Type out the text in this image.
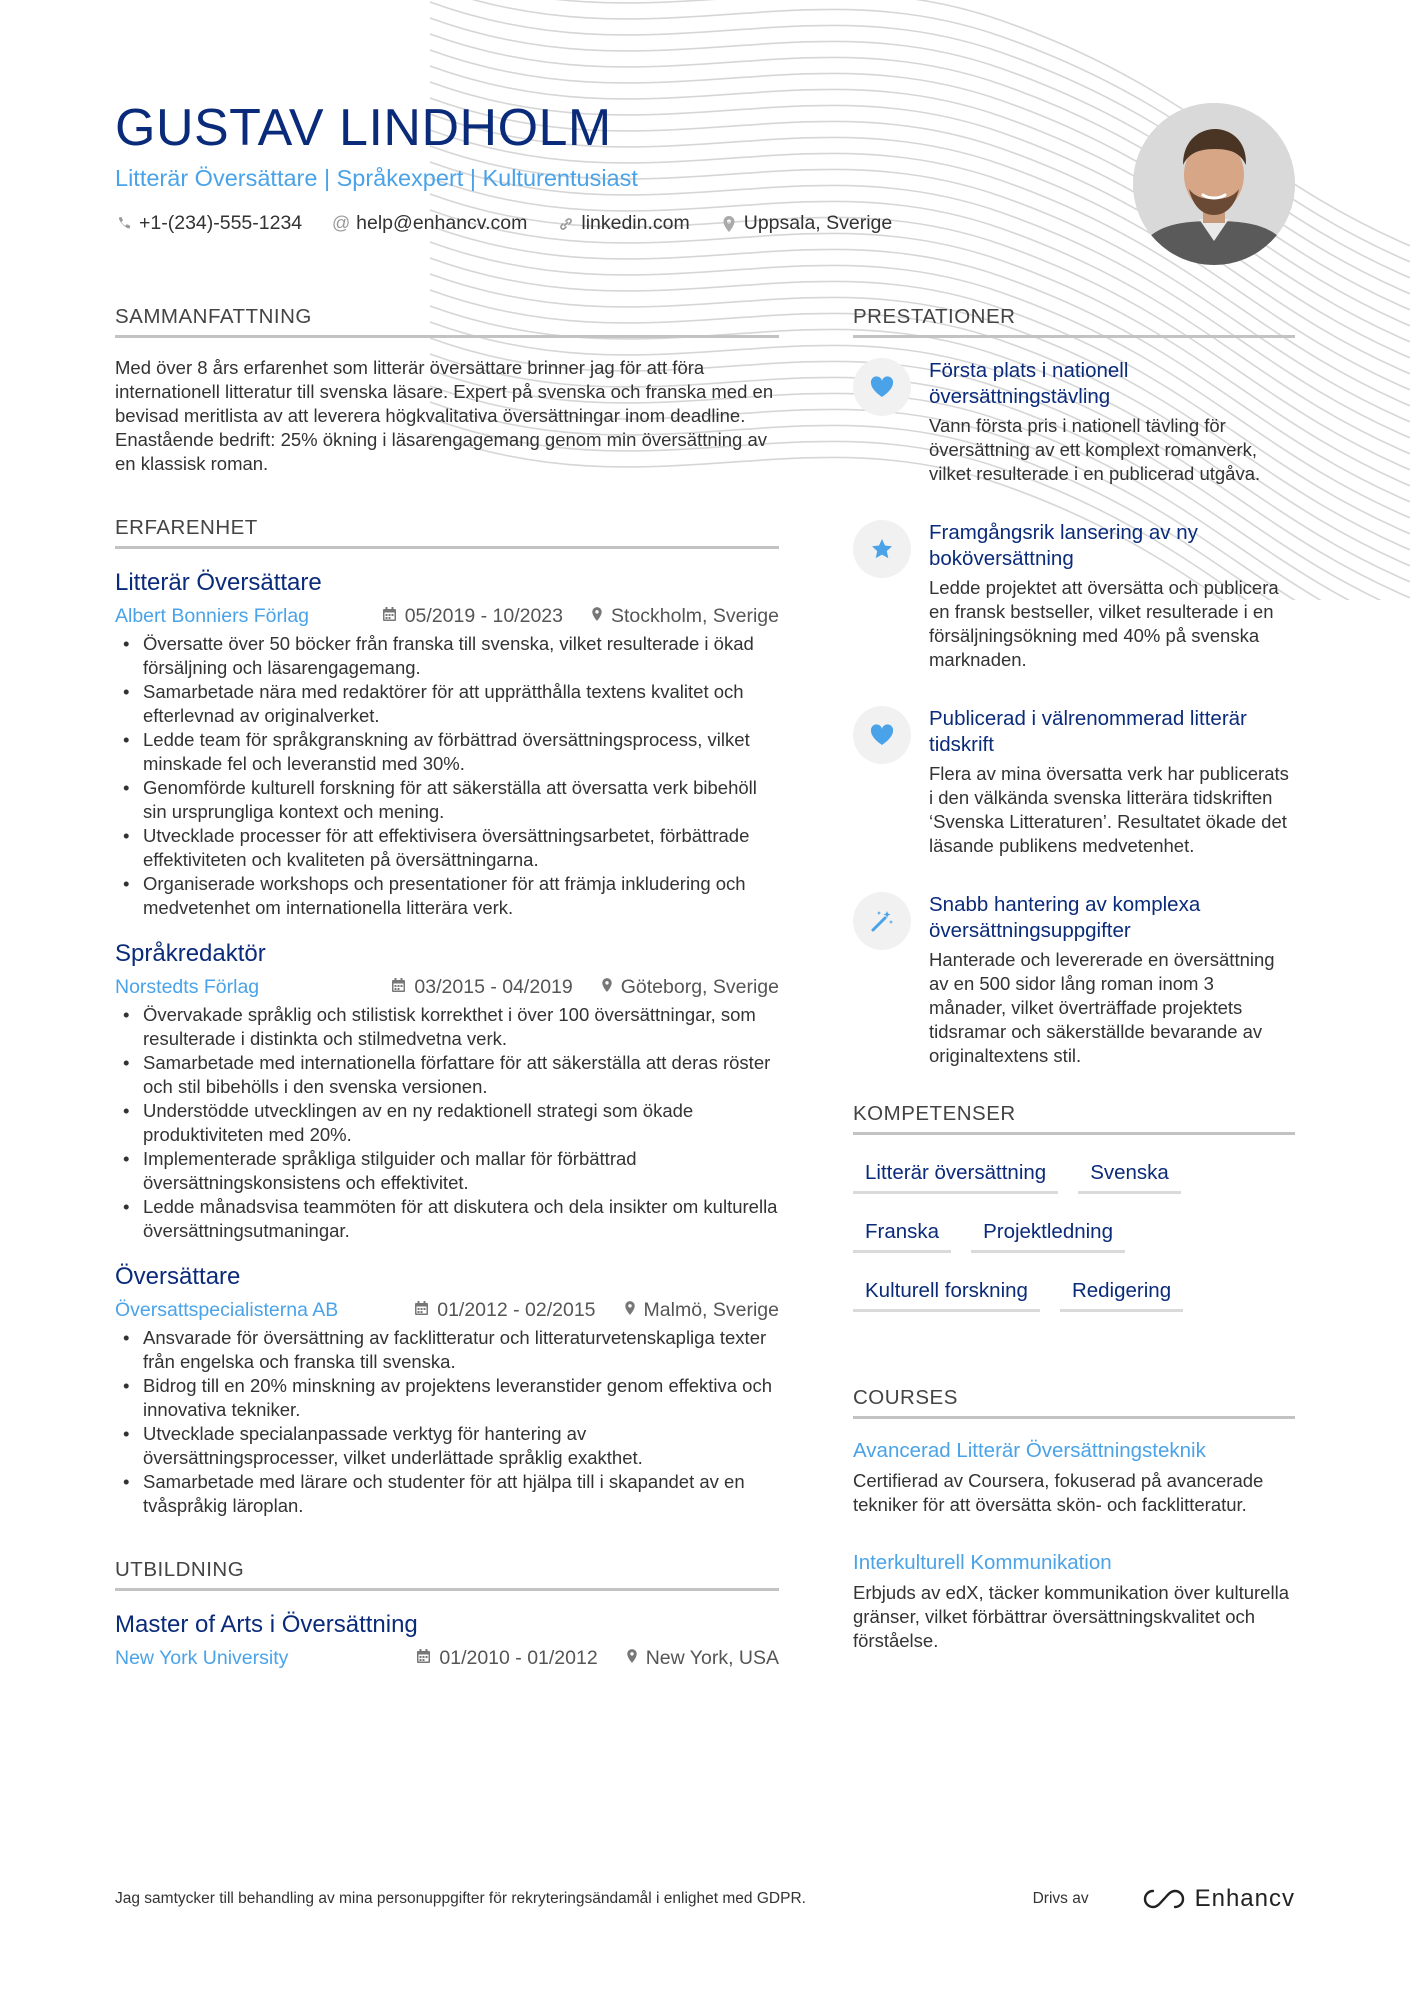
GUSTAV LINDHOLM
Litterär Översättare | Språkexpert | Kulturentusiast
+1-(234)-555-1234 @ help@enhancv.com	linkedin.com	Uppsala, Sverige
SAMMANFATTNING

Med över 8 års erfarenhet som litterär översättare brinner jag för att föra internationell litteratur till svenska läsare. Expert på svenska och franska med en bevisad meritlista av att leverera högkvalitativa översättningar inom deadline. Enastående bedrift: 25% ökning i läsarengagemang genom min översättning av en klassisk roman.

ERFARENHET
Litterär Översättare
Albert Bonniers Förlag	05/2019 - 10/2023 Stockholm, Sverige
• Översatte över 50 böcker från franska till svenska, vilket resulterade i ökad försäljning och läsarengagemang.
• Samarbetade nära med redaktörer för att upprätthålla textens kvalitet och efterlevnad av originalverket.
• Ledde team för språkgranskning av förbättrad översättningsprocess, vilket minskade fel och leveranstid med 30%.
• Genomförde kulturell forskning för att säkerställa att översatta verk bibehöll sin ursprungliga kontext och mening.
• Utvecklade processer för att effektivisera översättningsarbetet, förbättrade effektiviteten och kvaliteten på översättningarna.
• Organiserade workshops och presentationer för att främja inkludering och medvetenhet om internationella litterära verk.
Språkredaktör
Norstedts Förlag	03/2015 - 04/2019 Göteborg, Sverige
• Övervakade språklig och stilistisk korrekthet i över 100 översättningar, som resulterade i distinkta och stilmedvetna verk.
• Samarbetade med internationella författare för att säkerställa att deras röster och stil bibehölls i den svenska versionen.
• Understödde utvecklingen av en ny redaktionell strategi som ökade produktiviteten med 20%.
• Implementerade språkliga stilguider och mallar för förbättrad översättningskonsistens och effektivitet.
• Ledde månadsvisa teammöten för att diskutera och dela insikter om kulturella översättningsutmaningar.
Översättare
Översattspecialisterna AB	01/2012 - 02/2015 Malmö, Sverige
• Ansvarade för översättning av facklitteratur och litteraturvetenskapliga texter från engelska och franska till svenska.
• Bidrog till en 20% minskning av projektens leveranstider genom effektiva och innovativa tekniker.
• Utvecklade specialanpassade verktyg för hantering av översättningsprocesser, vilket underlättade språklig exakthet.
• Samarbetade med lärare och studenter för att hjälpa till i skapandet av en tvåspråkig läroplan.
UTBILDNING
Master of Arts i Översättning
New York University	01/2010 - 01/2012 New York, USA
PRESTATIONER
Första plats i nationell översättningstävling
Vann första pris i nationell tävling för översättning av ett komplext romanverk, vilket resulterade i en publicerad utgåva.
Framgångsrik lansering av ny boköversättning
Ledde projektet att översätta och publicera en fransk bestseller, vilket resulterade i en försäljningsökning med 40% på svenska marknaden.
Publicerad i välrenommerad litterär tidskrift
Flera av mina översatta verk har publicerats i den välkända svenska litterära tidskriften ‘Svenska Litteraturen’. Resultatet ökade det läsande publikens medvetenhet.
Snabb hantering av komplexa översättningsuppgifter
Hanterade och levererade en översättning av en 500 sidor lång roman inom 3 månader, vilket överträffade projektets tidsramar och säkerställde bevarande av originaltextens stil.
KOMPETENSER
Litterär översättning	Svenska
Franska	Projektledning
Kulturell forskning	Redigering
COURSES
Avancerad Litterär Översättningsteknik
Certifierad av Coursera, fokuserad på avancerade tekniker för att översätta skön- och facklitteratur.
Interkulturell Kommunikation
Erbjuds av edX, täcker kommunikation över kulturella gränser, vilket förbättrar översättningskvalitet och förståelse.
Jag samtycker till behandling av mina personuppgifter för rekryteringsändamål i enlighet med GDPR.	Drivs av	Enhancv
